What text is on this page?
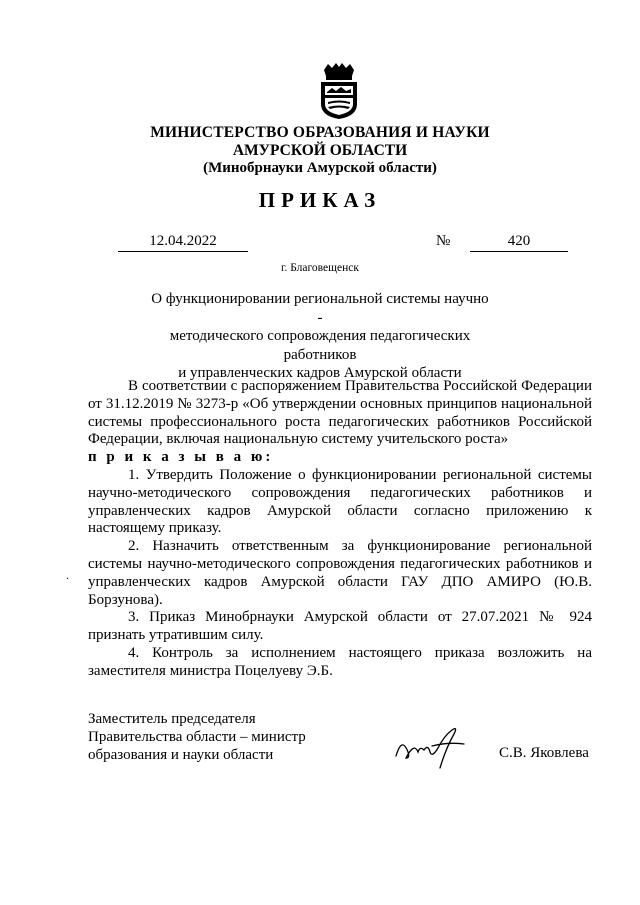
МИНИСТЕРСТВО ОБРАЗОВАНИЯ И НАУКИ
АМУРСКОЙ ОБЛАСТИ
(Минобрнауки Амурской области)
ПРИКАЗ
12.04.2022	№	420
г. Благовещенск
О функционировании региональной системы научно -
методического сопровождения педагогических работников
и управленческих кадров Амурской области

В соответствии с распоряжением Правительства Российской Федерации от 31.12.2019 № 3273-р «Об утверждении основных принципов национальной системы профессионального роста педагогических работников Российской Федерации, включая национальную систему учительского роста»

п р и к а з ы в а ю:

1. Утвердить Положение о функционировании региональной системы научно-методического сопровождения педагогических работников и управленческих кадров Амурской области согласно приложению к настоящему приказу.

2. Назначить ответственным за функционирование региональной системы научно-методического сопровождения педагогических работников и управленческих кадров Амурской области ГАУ ДПО АМИРО (Ю.В. Борзунова).

3. Приказ Минобрнауки Амурской области от 27.07.2021 № 924 признать утратившим силу.

4. Контроль за исполнением настоящего приказа возложить на заместителя министра Поцелуеву Э.Б.

.
Заместитель председателя
Правительства области – министр
образования и науки области	С.В. Яковлева
